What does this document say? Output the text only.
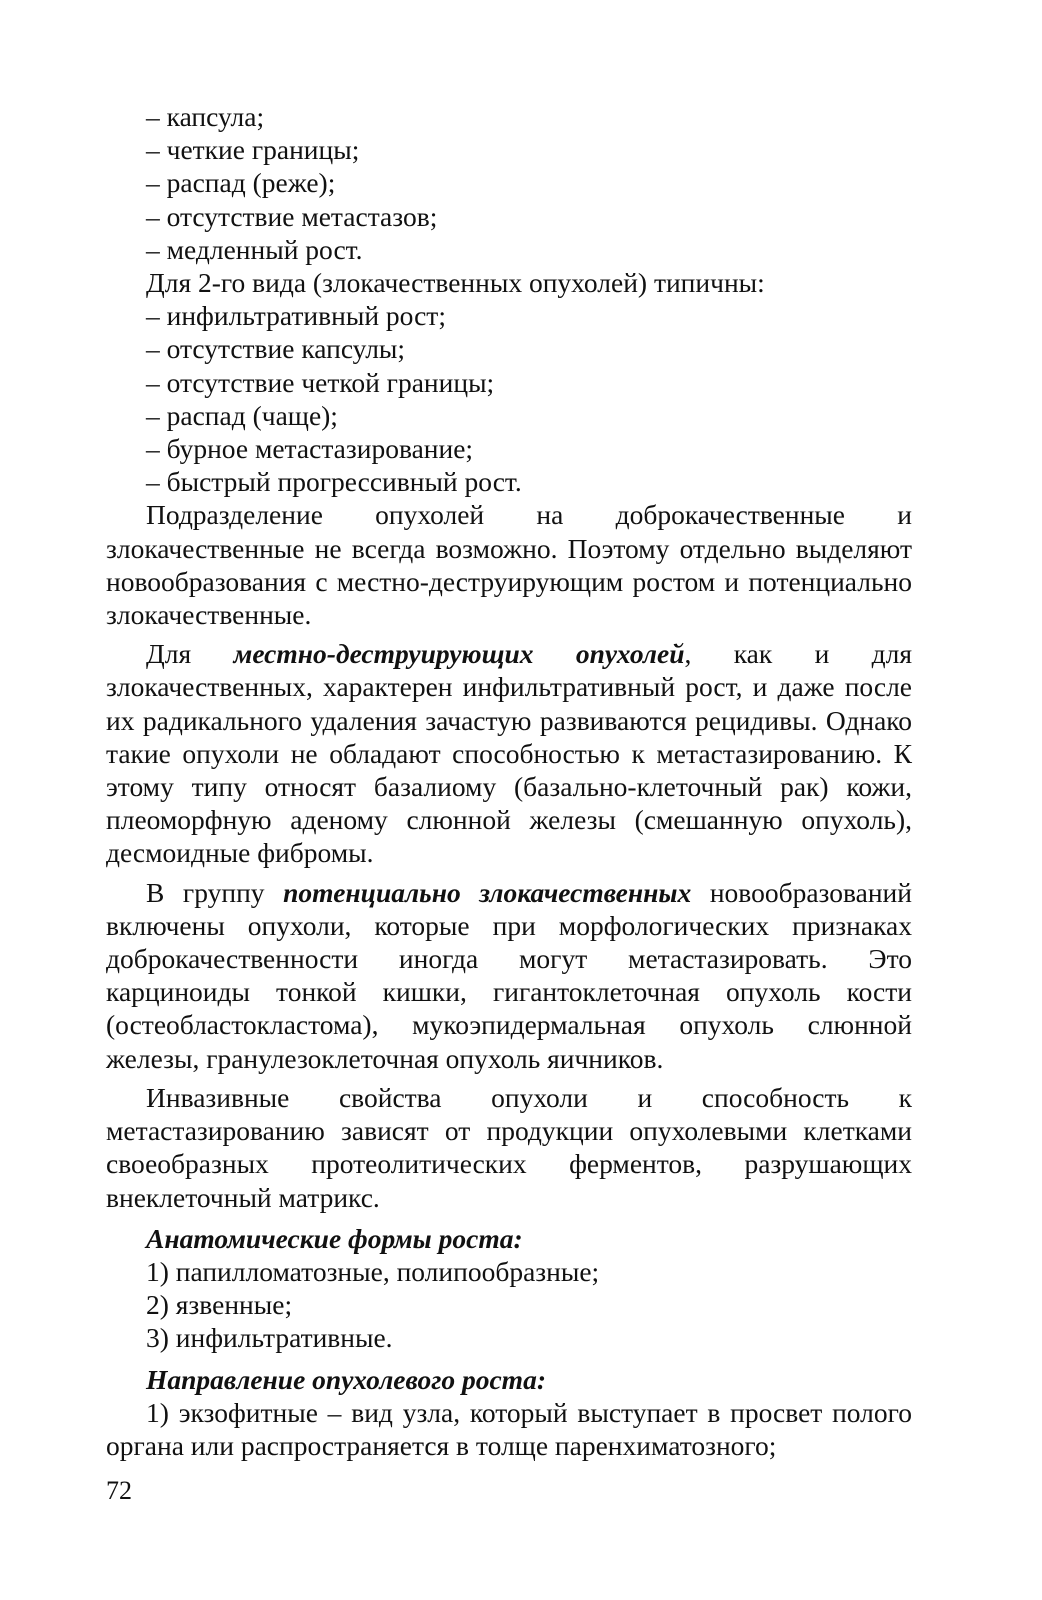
– капсула;
– четкие границы;
– распад (реже);
– отсутствие метастазов;
– медленный рост.
Для 2-го вида (злокачественных опухолей) типичны:
– инфильтративный рост;
– отсутствие капсулы;
– отсутствие четкой границы;
– распад (чаще);
– бурное метастазирование;
– быстрый прогрессивный рост.

Подразделение опухолей на доброкачественные и злокачественные не всегда возможно. Поэтому отдельно выделяют новообразования с местно-деструирующим ростом и потенциально злокачественные.

Для местно-деструирующих опухолей, как и для злокачественных, характерен инфильтративный рост, и даже после их радикального удаления зачастую развиваются рецидивы. Однако такие опухоли не обладают способностью к метастазированию. К этому типу относят базалиому (базально-клеточный рак) кожи, плеоморфную аденому слюнной железы (смешанную опухоль), десмоидные фибромы.

В группу потенциально злокачественных новообразований включены опухоли, которые при морфологических признаках доброкачественности иногда могут метастазировать. Это карциноиды тонкой кишки, гигантоклеточная опухоль кости (остеобластокластома), мукоэпидермальная опухоль слюнной железы, гранулезоклеточная опухоль яичников.

Инвазивные свойства опухоли и способность к метастазированию зависят от продукции опухолевыми клетками своеобразных протеолитических ферментов, разрушающих внеклеточный матрикс.

Анатомические формы роста:
1) папилломатозные, полипообразные;
2) язвенные;
3) инфильтративные.
Направление опухолевого роста:

1) экзофитные – вид узла, который выступает в просвет полого органа или распространяется в толще паренхиматозного;

72
